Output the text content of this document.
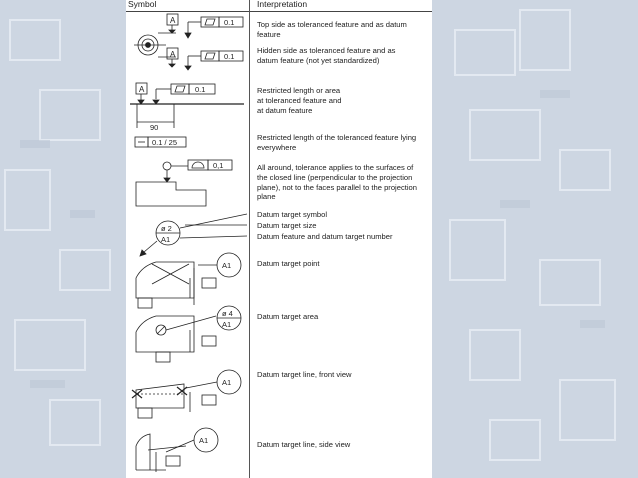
Symbol	Interpretation
Top side as toleranced feature and as datum
feature
Hidden side as toleranced feature and as
datum feature (not yet standardized)
Restricted length or area
at toleranced feature and
at datum feature
Restricted length of the toleranced feature lying
everywhere
All around, tolerance applies to the surfaces of
the closed line (perpendicular to the projection
plane), not to the faces parallel to the projection
plane
Datum target symbol
Datum target size
Datum feature and datum target number
Datum target point
Datum target area
Datum target line, front view
Datum target line, side view
A
A
0.1
0.1
A	0.1
90
0.1 / 25
0,1
ø 2
A1
A1
ø 4
A1
A1
A1
